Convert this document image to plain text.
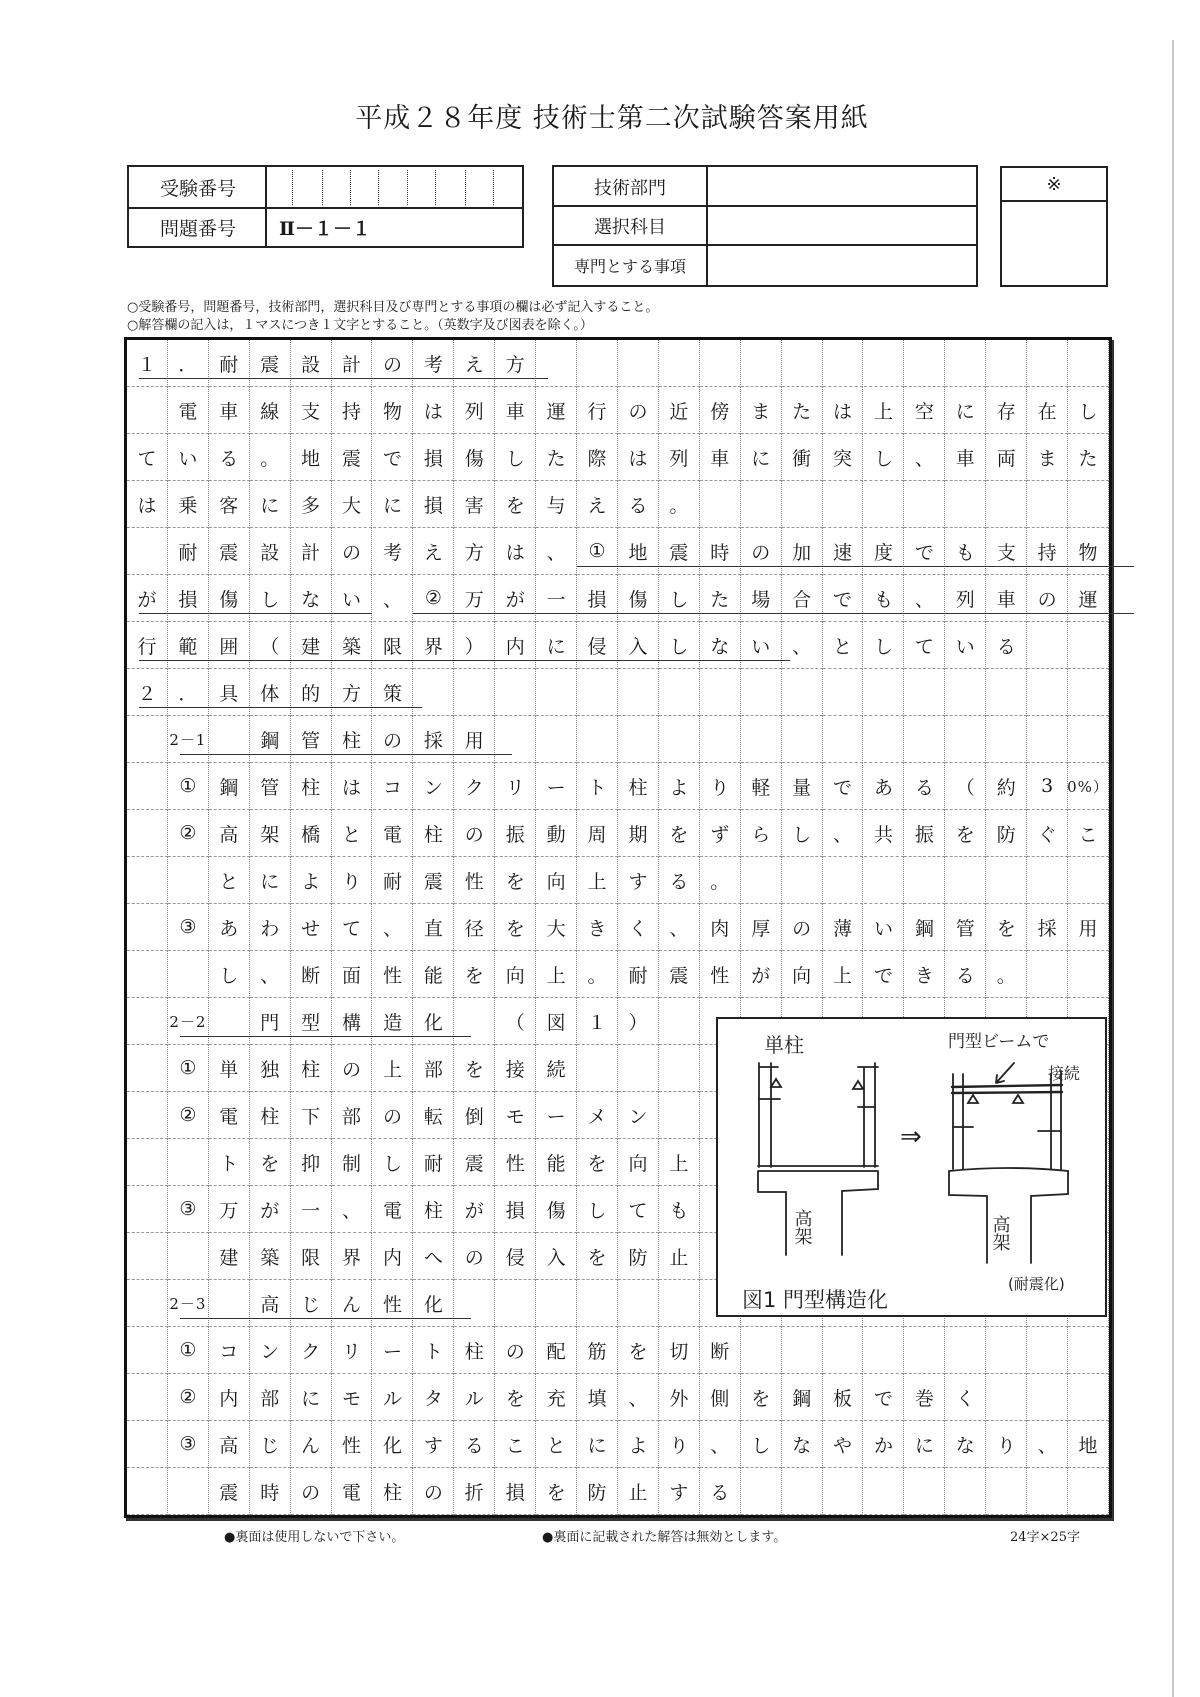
平成２８年度 技術士第二次試験答案用紙
受験番号
問題番号	Ⅱ－１－１
技術部門
選択科目
専門とする事項
※
○受験番号，問題番号，技術部門，選択科目及び専門とする事項の欄は必ず記入すること。
○解答欄の記入は，１マスにつき１文字とすること。（英数字及び図表を除く。）
１	．	耐	震	設	計	の	考	え	方
電	車	線	支	持	物	は	列	車	運	行	の	近	傍	ま	た	は	上	空	に	存	在	し
て	い	る	。	地	震	で	損	傷	し	た	際	は	列	車	に	衝	突	し	、	車	両	ま	た
は	乗	客	に	多	大	に	損	害	を	与	え	る	。
耐	震	設	計	の	考	え	方	は	、	①	地	震	時	の	加	速	度	で	も	支	持	物
が	損	傷	し	な	い	、	②	万	が	一	損	傷	し	た	場	合	で	も	、	列	車	の	運
行	範	囲	（	建	築	限	界	）	内	に	侵	入	し	な	い	、	と	し	て	い	る
２	．	具	体	的	方	策
2－1	鋼	管	柱	の	採	用
①	鋼	管	柱	は	コ	ン	ク	リ	ー	ト	柱	よ	り	軽	量	で	あ	る	（	約	3 0%）
②	高	架	橋	と	電	柱	の	振	動	周	期	を	ず	ら	し	、	共	振	を	防	ぐ	こ
と	に	よ	り	耐	震	性	を	向	上	す	る	。
③	あ	わ	せ	て	、	直	径	を	大	き	く	、	肉	厚	の	薄	い	鋼	管	を	採	用
し	、	断	面	性	能	を	向	上	。	耐	震	性	が	向	上	で	き	る	。
2－2	門	型	構	造	化	（	図	１	）
①	単	独	柱	の	上	部	を	接	続
②	電	柱	下	部	の	転	倒	モ	ー	メ	ン
ト	を	抑	制	し	耐	震	性	能	を	向	上
③	万	が	一	、	電	柱	が	損	傷	し	て	も
建	築	限	界	内	へ	の	侵	入	を	防	止
2－3	高	じ	ん	性	化
①	コ	ン	ク	リ	ー	ト	柱	の	配	筋	を	切	断
②	内	部	に	モ	ル	タ	ル	を	充	填	、	外	側	を	鋼	板	で	巻	く
③	高	じ	ん	性	化	す	る	こ	と	に	よ	り	、	し	な	や	か	に	な	り	、	地
震	時	の	電	柱	の	折	損	を	防	止	す	る
単柱	門型ビームで
接続
⇒
高架	高架
(耐震化)
図1 門型構造化
●裏面は使用しないで下さい。	●裏面に記載された解答は無効とします。	24字×25字
